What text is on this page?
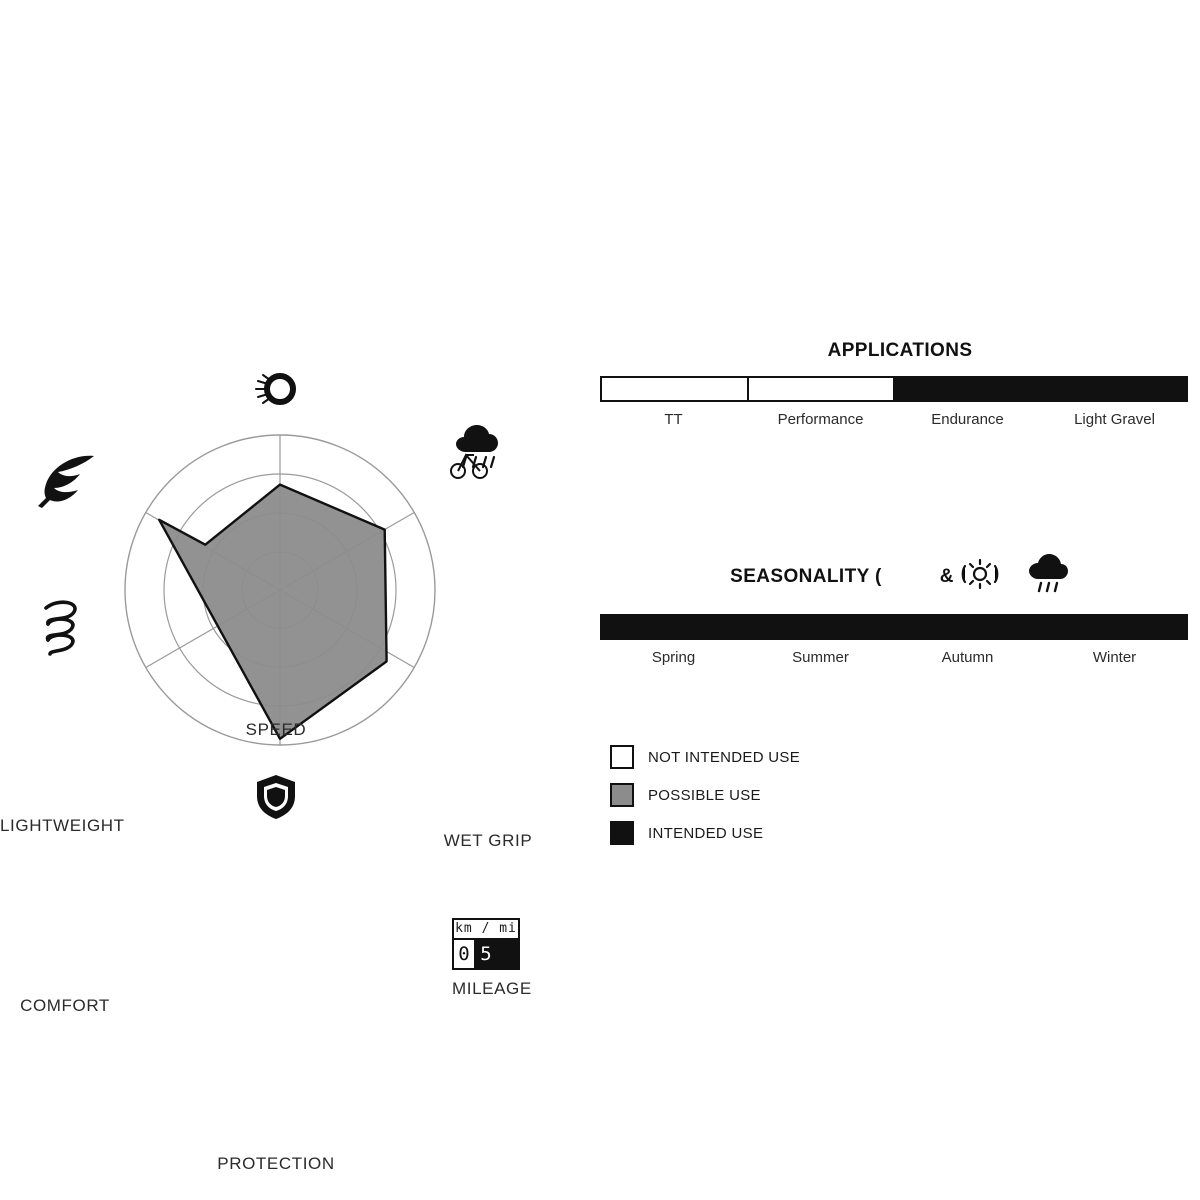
SPEED
WET GRIP
km / mi
0 5
MILEAGE
PROTECTION
COMFORT
LIGHTWEIGHT
APPLICATIONS
TT	Performance	Endurance	Light Gravel
SEASONALITY (	&
Spring	Summer	Autumn	Winter
NOT INTENDED USE
POSSIBLE USE
INTENDED USE
